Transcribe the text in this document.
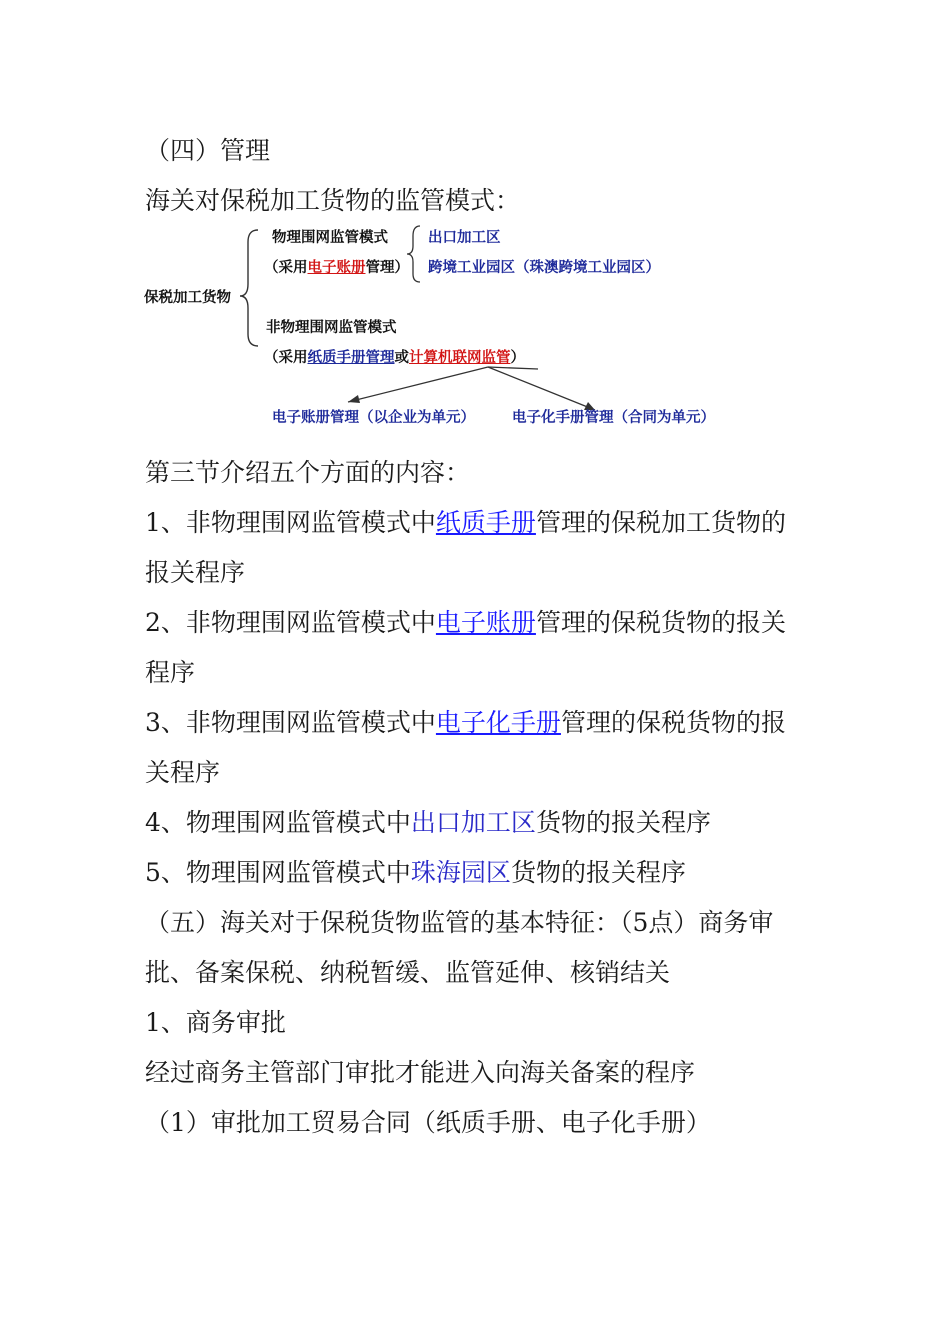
（四）管理
海关对保税加工货物的监管模式：
保税加工货物
物理围网监管模式
（采用电子账册管理）
出口加工区
跨境工业园区（珠澳跨境工业园区）
非物理围网监管模式
（采用纸质手册管理或计算机联网监管）
电子账册管理（以企业为单元）	电子化手册管理（合同为单元）
第三节介绍五个方面的内容：
1、非物理围网监管模式中纸质手册管理的保税加工货物的
报关程序
2、非物理围网监管模式中电子账册管理的保税货物的报关
程序
3、非物理围网监管模式中电子化手册管理的保税货物的报
关程序
4、物理围网监管模式中出口加工区货物的报关程序
5、物理围网监管模式中珠海园区货物的报关程序
（五）海关对于保税货物监管的基本特征：（5点）商务审
批、备案保税、纳税暂缓、监管延伸、核销结关
1、商务审批
经过商务主管部门审批才能进入向海关备案的程序
（1）审批加工贸易合同（纸质手册、电子化手册）
